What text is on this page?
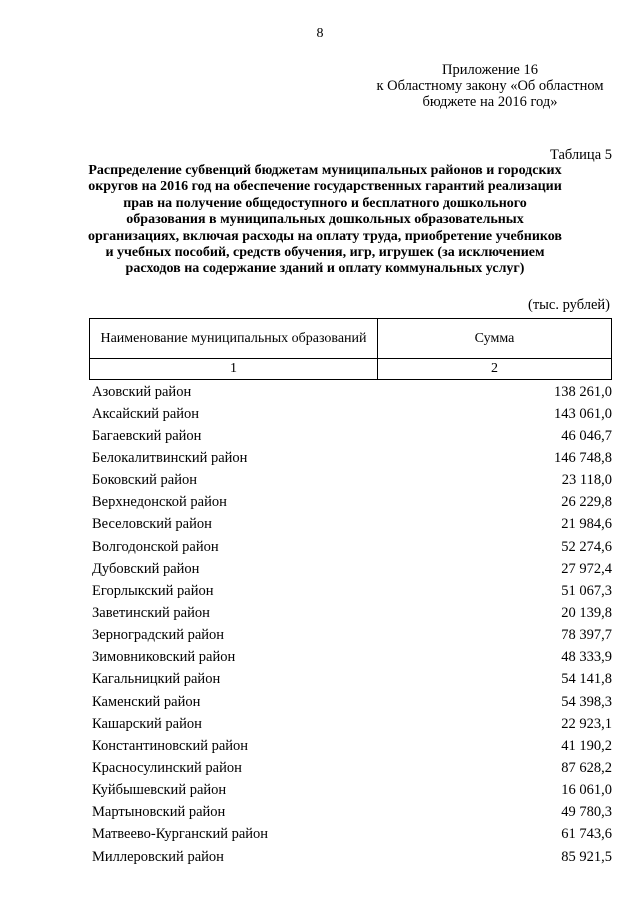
8
Приложение 16
к Областному закону «Об областном
бюджете на 2016 год»
Таблица 5
Распределение субвенций бюджетам муниципальных районов и городских округов на 2016 год на обеспечение государственных гарантий реализации прав на получение общедоступного и бесплатного дошкольного образования в муниципальных дошкольных образовательных организациях, включая расходы на оплату труда, приобретение учебников и учебных пособий, средств обучения, игр, игрушек (за исключением расходов на содержание зданий и оплату коммунальных услуг)
(тыс. рублей)
Наименование муниципальных образований	Сумма
1	2
Азовский район	138 261,0
Аксайский район	143 061,0
Багаевский район	46 046,7
Белокалитвинский район	146 748,8
Боковский район	23 118,0
Верхнедонской район	26 229,8
Веселовский район	21 984,6
Волгодонской район	52 274,6
Дубовский район	27 972,4
Егорлыкский район	51 067,3
Заветинский район	20 139,8
Зерноградский район	78 397,7
Зимовниковский район	48 333,9
Кагальницкий район	54 141,8
Каменский район	54 398,3
Кашарский район	22 923,1
Константиновский район	41 190,2
Красносулинский район	87 628,2
Куйбышевский район	16 061,0
Мартыновский район	49 780,3
Матвеево-Курганский район	61 743,6
Миллеровский район	85 921,5
